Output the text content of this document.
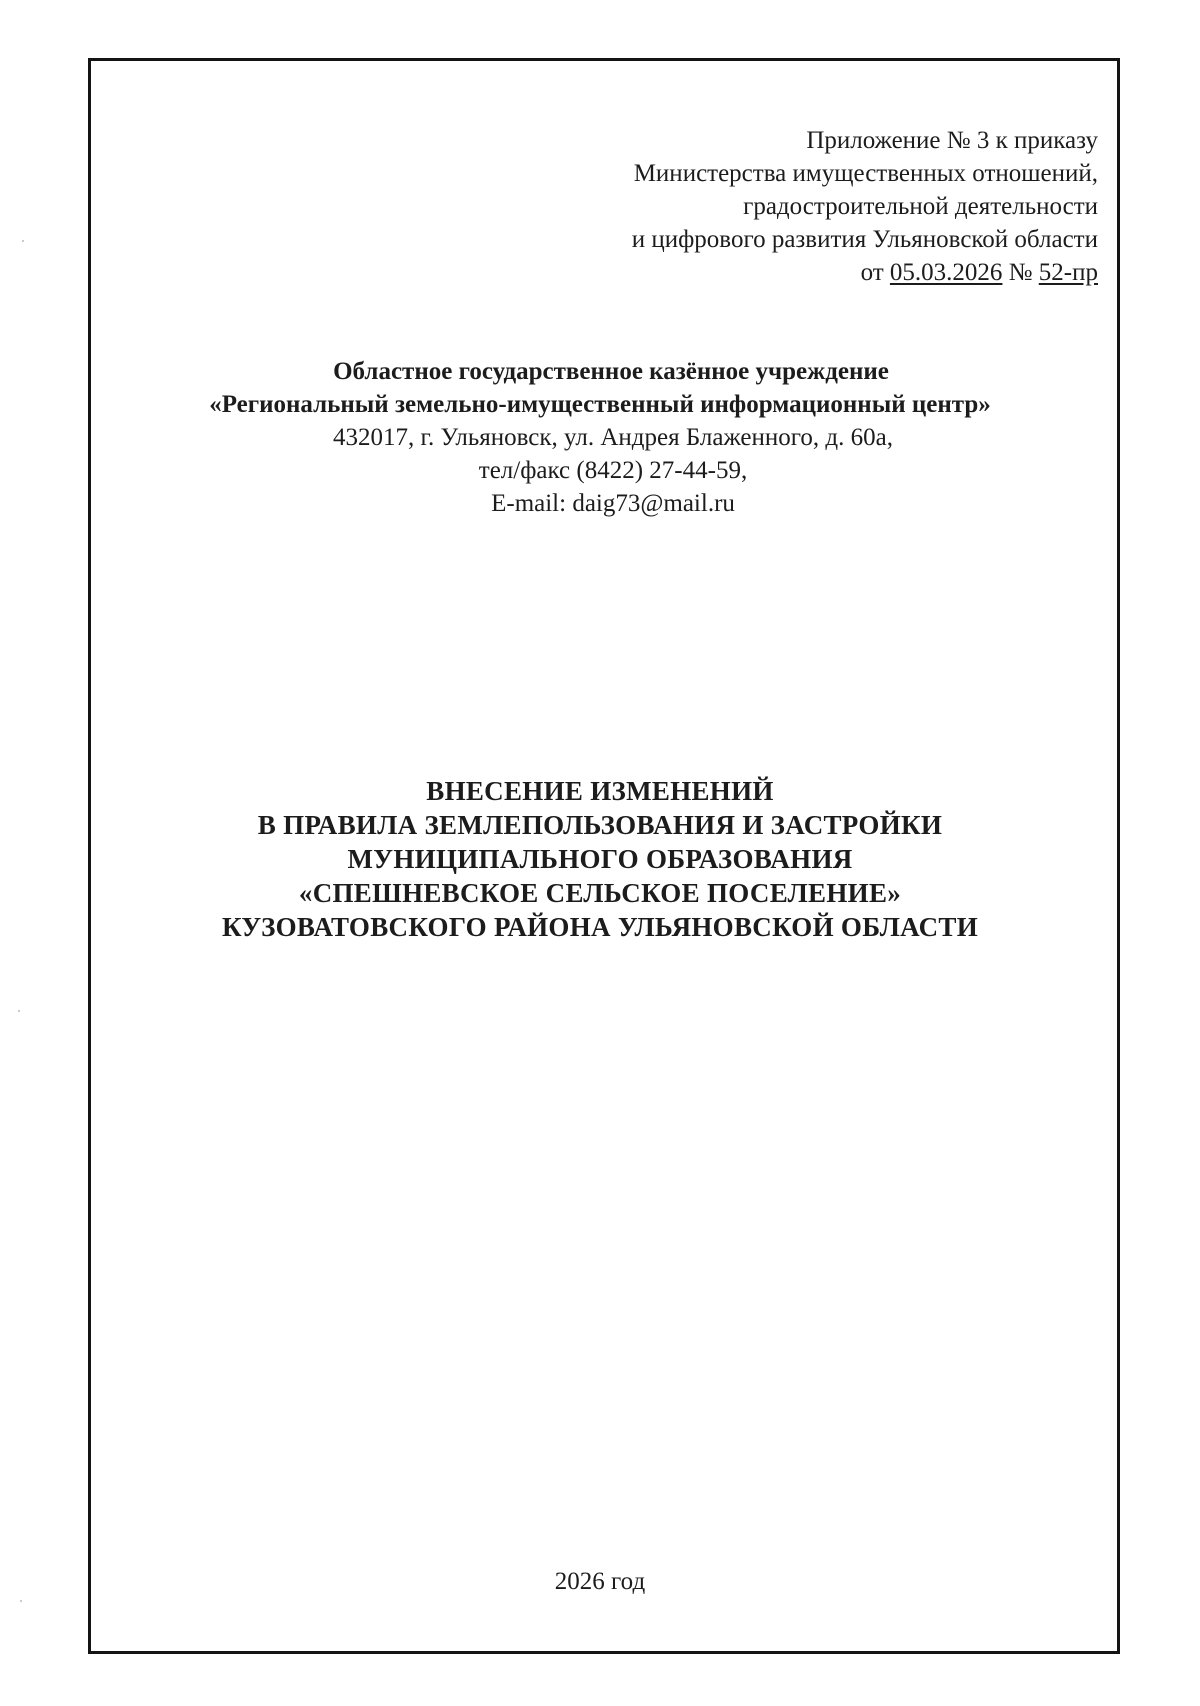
Приложение № 3 к приказу
Министерства имущественных отношений,
градостроительной деятельности
и цифрового развития Ульяновской области
от 05.03.2026 № 52-пр
Областное государственное казённое учреждение
«Региональный земельно-имущественный информационный центр»
432017, г. Ульяновск, ул. Андрея Блаженного, д. 60а,
тел/факс (8422) 27-44-59,
E-mail: daig73@mail.ru
ВНЕСЕНИЕ ИЗМЕНЕНИЙ
В ПРАВИЛА ЗЕМЛЕПОЛЬЗОВАНИЯ И ЗАСТРОЙКИ
МУНИЦИПАЛЬНОГО ОБРАЗОВАНИЯ
«СПЕШНЕВСКОЕ СЕЛЬСКОЕ ПОСЕЛЕНИЕ»
КУЗОВАТОВСКОГО РАЙОНА УЛЬЯНОВСКОЙ ОБЛАСТИ
2026 год
